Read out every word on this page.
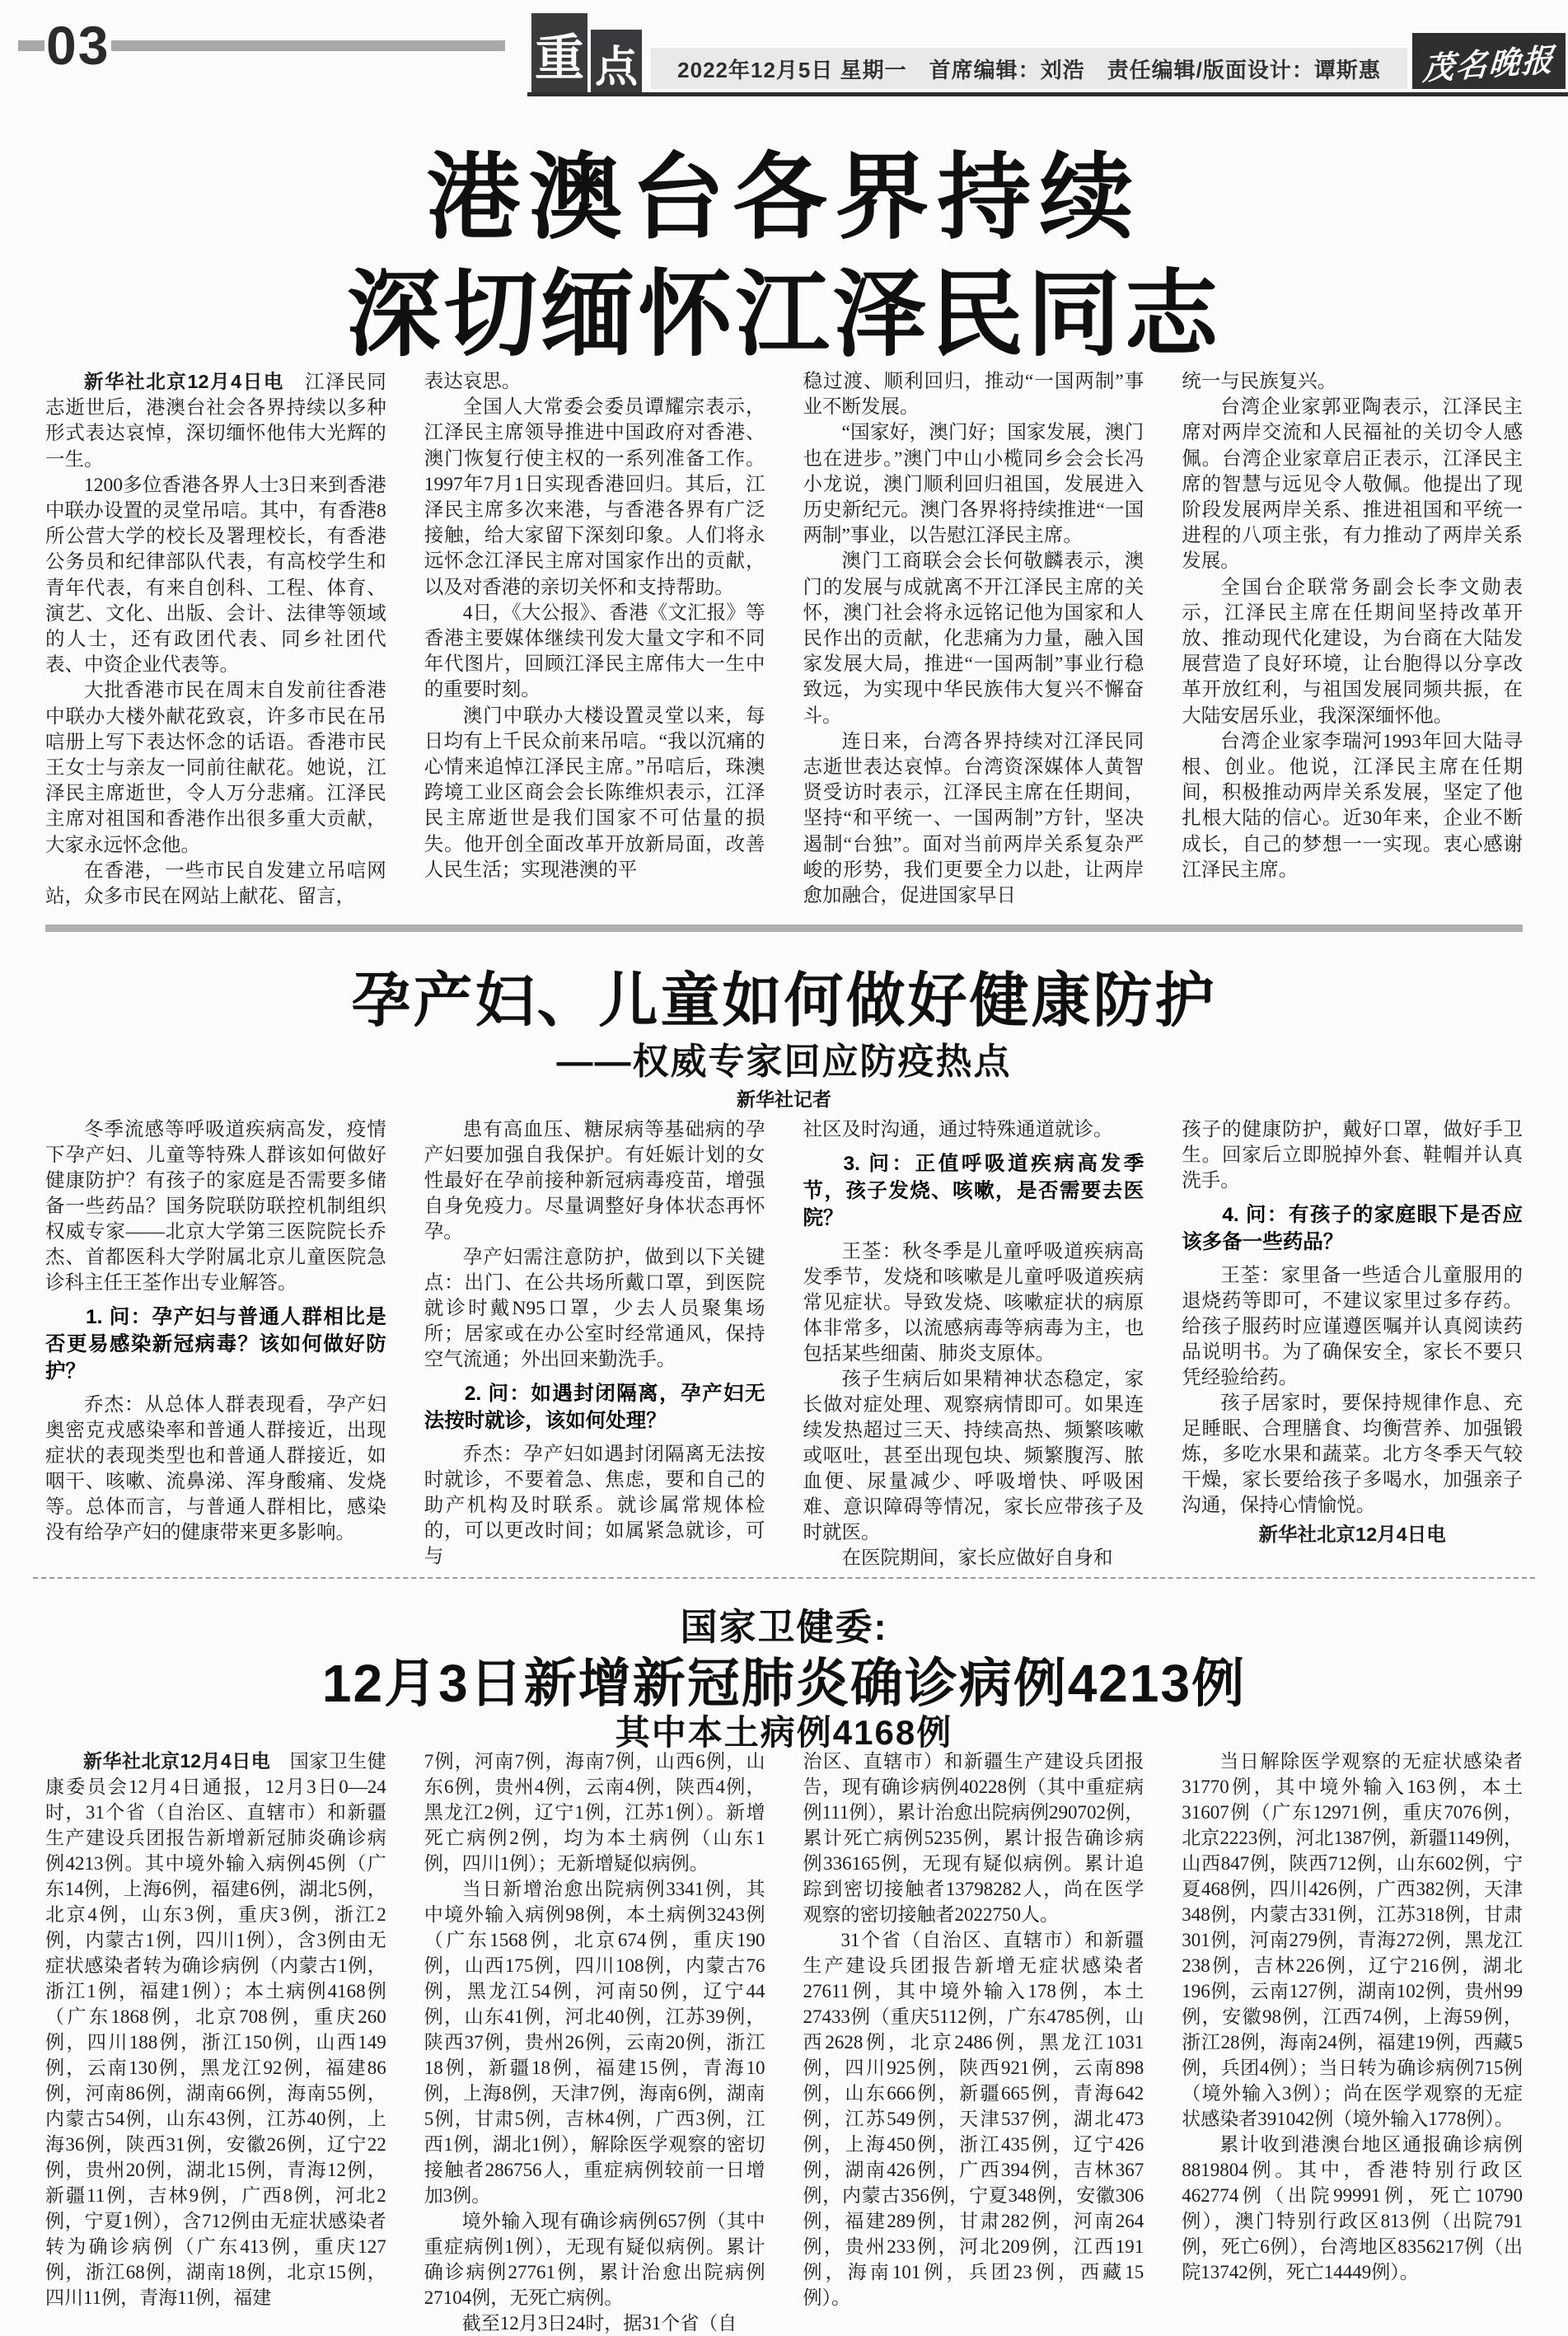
03	重 点 2022年12月5日 星期一　首席编辑：刘浩　责任编辑/版面设计：谭斯惠 茂名晚报
港澳台各界持续
深切缅怀江泽民同志

新华社北京12月4日电　 江泽民同志逝世后，港澳台社会各界持续以多种形式表达哀悼，深切缅怀他伟大光辉的一生。

1200多位香港各界人士3日来到香港中联办设置的灵堂吊唁。其中，有香港8所公营大学的校长及署理校长，有香港公务员和纪律部队代表，有高校学生和青年代表，有来自创科、工程、体育、演艺、文化、出版、会计、法律等领域的人士，还有政团代表、同乡社团代表、中资企业代表等。

大批香港市民在周末自发前往香港中联办大楼外献花致哀，许多市民在吊唁册上写下表达怀念的话语。香港市民王女士与亲友一同前往献花。她说，江泽民主席逝世，令人万分悲痛。江泽民主席对祖国和香港作出很多重大贡献，大家永远怀念他。

在香港，一些市民自发建立吊唁网站，众多市民在网站上献花、留言，

表达哀思。

全国人大常委会委员谭耀宗表示，江泽民主席领导推进中国政府对香港、澳门恢复行使主权的一系列准备工作。1997年7月1日实现香港回归。其后，江泽民主席多次来港，与香港各界有广泛接触，给大家留下深刻印象。人们将永远怀念江泽民主席对国家作出的贡献，以及对香港的亲切关怀和支持帮助。

4日，《大公报》、香港《文汇报》等香港主要媒体继续刊发大量文字和不同年代图片，回顾江泽民主席伟大一生中的重要时刻。

澳门中联办大楼设置灵堂以来，每日均有上千民众前来吊唁。“我以沉痛的心情来追悼江泽民主席。”吊唁后，珠澳跨境工业区商会会长陈维炽表示，江泽民主席逝世是我们国家不可估量的损失。他开创全面改革开放新局面，改善人民生活；实现港澳的平

稳过渡、顺利回归，推动“一国两制”事业不断发展。

“国家好，澳门好；国家发展，澳门也在进步。”澳门中山小榄同乡会会长冯小龙说，澳门顺利回归祖国，发展进入历史新纪元。澳门各界将持续推进“一国两制”事业，以告慰江泽民主席。

澳门工商联会会长何敬麟表示，澳门的发展与成就离不开江泽民主席的关怀，澳门社会将永远铭记他为国家和人民作出的贡献，化悲痛为力量，融入国家发展大局，推进“一国两制”事业行稳致远，为实现中华民族伟大复兴不懈奋斗。

连日来，台湾各界持续对江泽民同志逝世表达哀悼。台湾资深媒体人黄智贤受访时表示，江泽民主席在任期间，坚持“和平统一、一国两制”方针，坚决遏制“台独”。面对当前两岸关系复杂严峻的形势，我们更要全力以赴，让两岸愈加融合，促进国家早日

统一与民族复兴。

台湾企业家郭亚陶表示，江泽民主席对两岸交流和人民福祉的关切令人感佩。台湾企业家章启正表示，江泽民主席的智慧与远见令人敬佩。他提出了现阶段发展两岸关系、推进祖国和平统一进程的八项主张，有力推动了两岸关系发展。

全国台企联常务副会长李文勋表示，江泽民主席在任期间坚持改革开放、推动现代化建设，为台商在大陆发展营造了良好环境，让台胞得以分享改革开放红利，与祖国发展同频共振，在大陆安居乐业，我深深缅怀他。

台湾企业家李瑞河1993年回大陆寻根、创业。他说，江泽民主席在任期间，积极推动两岸关系发展，坚定了他扎根大陆的信心。近30年来，企业不断成长，自己的梦想一一实现。衷心感谢江泽民主席。

孕产妇、儿童如何做好健康防护
——权威专家回应防疫热点
新华社记者

冬季流感等呼吸道疾病高发，疫情下孕产妇、儿童等特殊人群该如何做好健康防护？有孩子的家庭是否需要多储备一些药品？国务院联防联控机制组织权威专家——北京大学第三医院院长乔杰、首都医科大学附属北京儿童医院急诊科主任王荃作出专业解答。

1. 问：孕产妇与普通人群相比是否更易感染新冠病毒？该如何做好防护？

乔杰：从总体人群表现看，孕产妇奥密克戎感染率和普通人群接近，出现症状的表现类型也和普通人群接近，如咽干、咳嗽、流鼻涕、浑身酸痛、发烧等。总体而言，与普通人群相比，感染没有给孕产妇的健康带来更多影响。

患有高血压、糖尿病等基础病的孕产妇要加强自我保护。有妊娠计划的女性最好在孕前接种新冠病毒疫苗，增强自身免疫力。尽量调整好身体状态再怀孕。

孕产妇需注意防护，做到以下关键点：出门、在公共场所戴口罩，到医院就诊时戴N95口罩，少去人员聚集场所；居家或在办公室时经常通风，保持空气流通；外出回来勤洗手。

2. 问：如遇封闭隔离，孕产妇无法按时就诊，该如何处理？

乔杰：孕产妇如遇封闭隔离无法按时就诊，不要着急、焦虑，要和自己的助产机构及时联系。就诊属常规体检的，可以更改时间；如属紧急就诊，可与

社区及时沟通，通过特殊通道就诊。

3. 问：正值呼吸道疾病高发季节，孩子发烧、咳嗽，是否需要去医院？

王荃：秋冬季是儿童呼吸道疾病高发季节，发烧和咳嗽是儿童呼吸道疾病常见症状。导致发烧、咳嗽症状的病原体非常多，以流感病毒等病毒为主，也包括某些细菌、肺炎支原体。

孩子生病后如果精神状态稳定，家长做对症处理、观察病情即可。如果连续发热超过三天、持续高热、频繁咳嗽或呕吐，甚至出现包块、频繁腹泻、脓血便、尿量减少、呼吸增快、呼吸困难、意识障碍等情况，家长应带孩子及时就医。

在医院期间，家长应做好自身和

孩子的健康防护，戴好口罩，做好手卫生。回家后立即脱掉外套、鞋帽并认真洗手。

4. 问：有孩子的家庭眼下是否应该多备一些药品？

王荃：家里备一些适合儿童服用的退烧药等即可，不建议家里过多存药。给孩子服药时应谨遵医嘱并认真阅读药品说明书。为了确保安全，家长不要只凭经验给药。

孩子居家时，要保持规律作息、充足睡眠、合理膳食、均衡营养、加强锻炼，多吃水果和蔬菜。北方冬季天气较干燥，家长要给孩子多喝水，加强亲子沟通，保持心情愉悦。

新华社北京12月4日电

国家卫健委:
12月3日新增新冠肺炎确诊病例4213例
其中本土病例4168例

新华社北京12月4日电　 国家卫生健康委员会12月4日通报，12月3日0—24时，31个省（自治区、直辖市）和新疆生产建设兵团报告新增新冠肺炎确诊病例4213例。其中境外输入病例45例（广东14例，上海6例，福建6例，湖北5例，北京4例，山东3例，重庆3例，浙江2例，内蒙古1例，四川1例），含3例由无症状感染者转为确诊病例（内蒙古1例，浙江1例，福建1例）；本土病例4168例（广东1868例，北京708例，重庆260例，四川188例，浙江150例，山西149例，云南130例，黑龙江92例，福建86例，河南86例，湖南66例，海南55例，内蒙古54例，山东43例，江苏40例，上海36例，陕西31例，安徽26例，辽宁22例，贵州20例，湖北15例，青海12例，新疆11例，吉林9例，广西8例，河北2例，宁夏1例），含712例由无症状感染者转为确诊病例（广东413例，重庆127例，浙江68例，湖南18例，北京15例，四川11例，青海11例，福建

7例，河南7例，海南7例，山西6例，山东6例，贵州4例，云南4例，陕西4例，黑龙江2例，辽宁1例，江苏1例）。新增死亡病例2例，均为本土病例（山东1例，四川1例）；无新增疑似病例。

当日新增治愈出院病例3341例，其中境外输入病例98例，本土病例3243例（广东1568例，北京674例，重庆190例，山西175例，四川108例，内蒙古76例，黑龙江54例，河南50例，辽宁44例，山东41例，河北40例，江苏39例，陕西37例，贵州26例，云南20例，浙江18例，新疆18例，福建15例，青海10例，上海8例，天津7例，海南6例，湖南5例，甘肃5例，吉林4例，广西3例，江西1例，湖北1例），解除医学观察的密切接触者286756人，重症病例较前一日增加3例。

境外输入现有确诊病例657例（其中重症病例1例），无现有疑似病例。累计确诊病例27761例，累计治愈出院病例27104例，无死亡病例。

截至12月3日24时，据31个省（自

治区、直辖市）和新疆生产建设兵团报告，现有确诊病例40228例（其中重症病例111例），累计治愈出院病例290702例，累计死亡病例5235例，累计报告确诊病例336165例，无现有疑似病例。累计追踪到密切接触者13798282人，尚在医学观察的密切接触者2022750人。

31个省（自治区、直辖市）和新疆生产建设兵团报告新增无症状感染者27611例，其中境外输入178例，本土27433例（重庆5112例，广东4785例，山西2628例，北京2486例，黑龙江1031例，四川925例，陕西921例，云南898例，山东666例，新疆665例，青海642例，江苏549例，天津537例，湖北473例，上海450例，浙江435例，辽宁426例，湖南426例，广西394例，吉林367例，内蒙古356例，宁夏348例，安徽306例，福建289例，甘肃282例，河南264例，贵州233例，河北209例，江西191例，海南101例，兵团23例，西藏15例）。

当日解除医学观察的无症状感染者31770例，其中境外输入163例，本土31607例（广东12971例，重庆7076例，北京2223例，河北1387例，新疆1149例，山西847例，陕西712例，山东602例，宁夏468例，四川426例，广西382例，天津348例，内蒙古331例，江苏318例，甘肃301例，河南279例，青海272例，黑龙江238例，吉林226例，辽宁216例，湖北196例，云南127例，湖南102例，贵州99例，安徽98例，江西74例，上海59例，浙江28例，海南24例，福建19例，西藏5例，兵团4例）；当日转为确诊病例715例（境外输入3例）；尚在医学观察的无症状感染者391042例（境外输入1778例）。

累计收到港澳台地区通报确诊病例8819804例。其中，香港特别行政区462774例（出院99991例，死亡10790例），澳门特别行政区813例（出院791例，死亡6例），台湾地区8356217例（出院13742例，死亡14449例）。
